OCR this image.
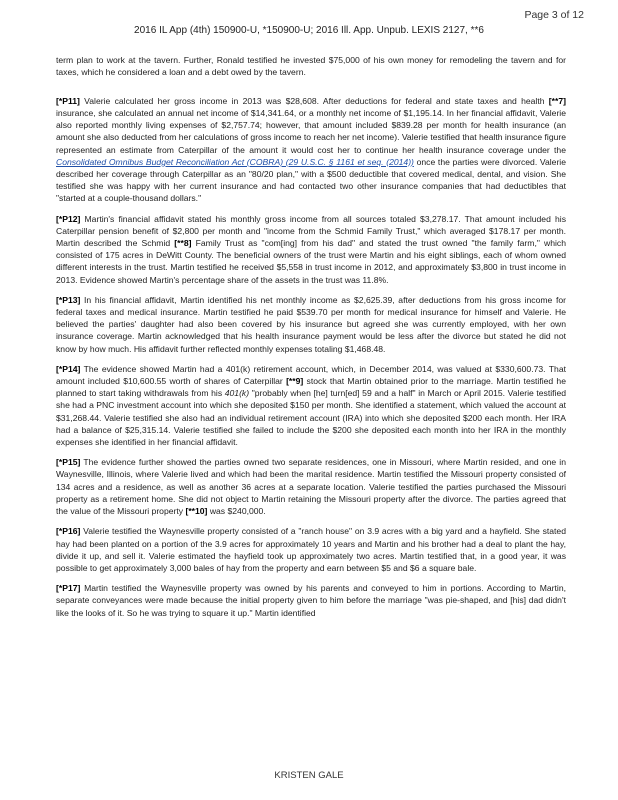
Page 3 of 12
2016 IL App (4th) 150900-U, *150900-U; 2016 Ill. App. Unpub. LEXIS 2127, **6

term plan to work at the tavern. Further, Ronald testified he invested $75,000 of his own money for remodeling the tavern and for taxes, which he considered a loan and a debt owed by the tavern.

[*P11] Valerie calculated her gross income in 2013 was $28,608. After deductions for federal and state taxes and health [**7] insurance, she calculated an annual net income of $14,341.64, or a monthly net income of $1,195.14. In her financial affidavit, Valerie also reported monthly living expenses of $2,757.74; however, that amount included $839.28 per month for health insurance (an amount she also deducted from her calculations of gross income to reach her net income). Valerie testified that health insurance figure represented an estimate from Caterpillar of the amount it would cost her to continue her health insurance coverage under the Consolidated Omnibus Budget Reconciliation Act (COBRA) (29 U.S.C. § 1161 et seq. (2014)) once the parties were divorced. Valerie described her coverage through Caterpillar as an "80/20 plan," with a $500 deductible that covered medical, dental, and vision. She testified she was happy with her current insurance and had contacted two other insurance companies that had deductibles that "started at a couple-thousand dollars."

[*P12] Martin's financial affidavit stated his monthly gross income from all sources totaled $3,278.17. That amount included his Caterpillar pension benefit of $2,800 per month and "income from the Schmid Family Trust," which averaged $178.17 per month. Martin described the Schmid [**8] Family Trust as "com[ing] from his dad" and stated the trust owned "the family farm," which consisted of 175 acres in DeWitt County. The beneficial owners of the trust were Martin and his eight siblings, each of whom owned different interests in the trust. Martin testified he received $5,558 in trust income in 2012, and approximately $3,800 in trust income in 2013. Evidence showed Martin's percentage share of the assets in the trust was 11.8%.

[*P13] In his financial affidavit, Martin identified his net monthly income as $2,625.39, after deductions from his gross income for federal taxes and medical insurance. Martin testified he paid $539.70 per month for medical insurance for himself and Valerie. He believed the parties' daughter had also been covered by his insurance but agreed she was currently employed, with her own insurance coverage. Martin acknowledged that his health insurance payment would be less after the divorce but stated he did not know by how much. His affidavit further reflected monthly expenses totaling $1,468.48.

[*P14] The evidence showed Martin had a 401(k) retirement account, which, in December 2014, was valued at $330,600.73. That amount included $10,600.55 worth of shares of Caterpillar [**9] stock that Martin obtained prior to the marriage. Martin testified he planned to start taking withdrawals from his 401(k) "probably when [he] turn[ed] 59 and a half" in March or April 2015. Valerie testified she had a PNC investment account into which she deposited $150 per month. She identified a statement, which valued the account at $31,268.44. Valerie testified she also had an individual retirement account (IRA) into which she deposited $200 each month. Her IRA had a balance of $25,315.14. Valerie testified she failed to include the $200 she deposited each month into her IRA in the monthly expenses she identified in her financial affidavit.

[*P15] The evidence further showed the parties owned two separate residences, one in Missouri, where Martin resided, and one in Waynesville, Illinois, where Valerie lived and which had been the marital residence. Martin testified the Missouri property consisted of 134 acres and a residence, as well as another 36 acres at a separate location. Valerie testified the parties purchased the Missouri property as a retirement home. She did not object to Martin retaining the Missouri property after the divorce. The parties agreed that the value of the Missouri property [**10] was $240,000.

[*P16] Valerie testified the Waynesville property consisted of a "ranch house" on 3.9 acres with a big yard and a hayfield. She stated hay had been planted on a portion of the 3.9 acres for approximately 10 years and Martin and his brother had a deal to plant the hay, divide it up, and sell it. Valerie estimated the hayfield took up approximately two acres. Martin testified that, in a good year, it was possible to get approximately 3,000 bales of hay from the property and earn between $5 and $6 a square bale.

[*P17] Martin testified the Waynesville property was owned by his parents and conveyed to him in portions. According to Martin, separate conveyances were made because the initial property given to him before the marriage "was pie-shaped, and [his] dad didn't like the looks of it. So he was trying to square it up." Martin identified

KRISTEN GALE
